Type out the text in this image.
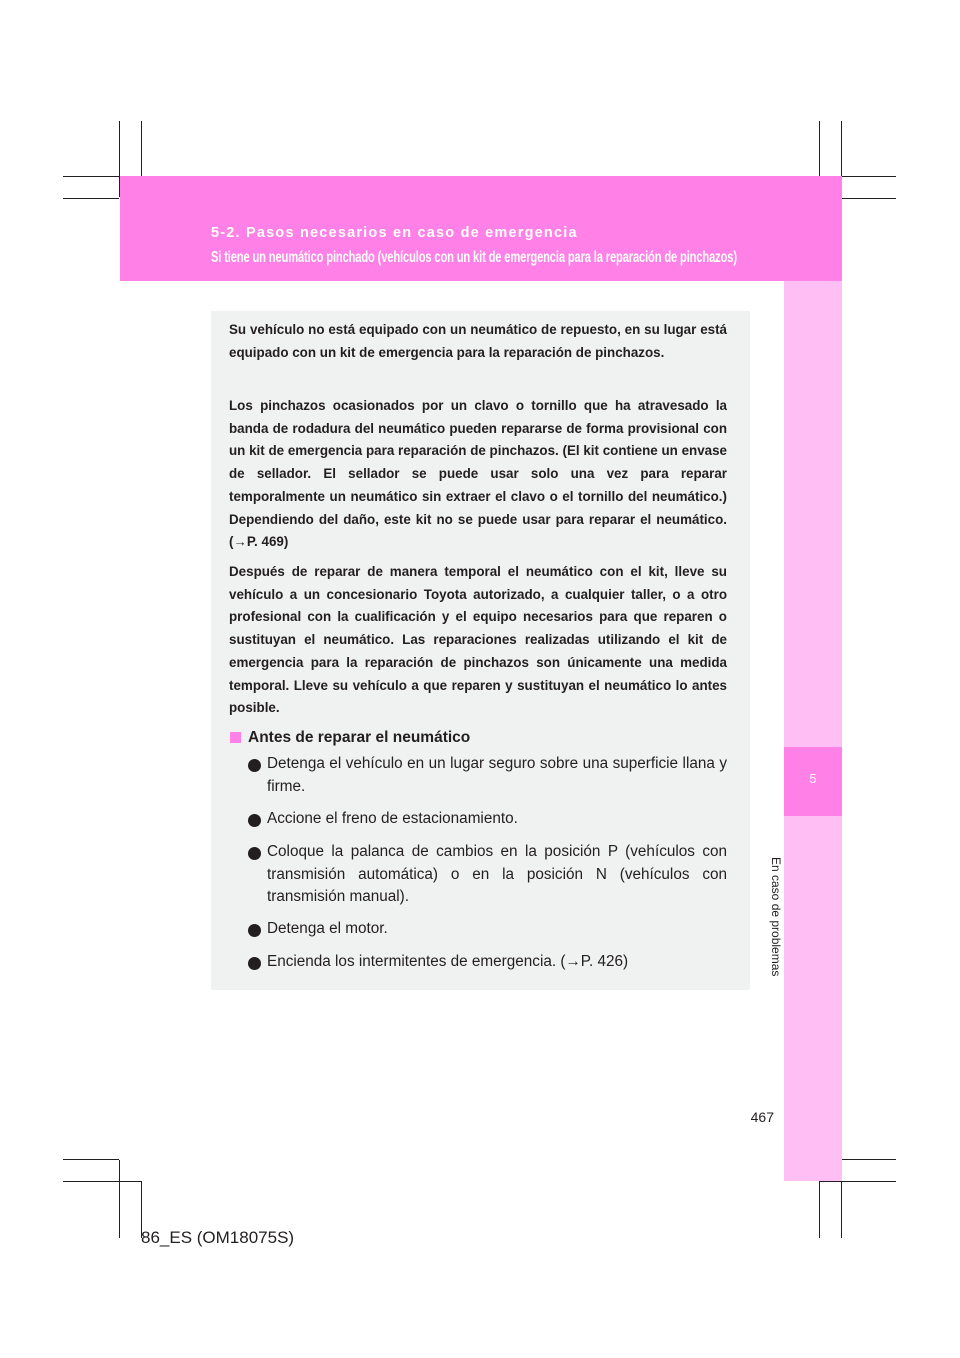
5-2. Pasos necesarios en caso de emergencia
Si tiene un neumático pinchado (vehículos con un kit de emergencia para la reparación de pinchazos)
5
En caso de problemas
Su vehículo no está equipado con un neumático de repuesto, en su lugar está equipado con un kit de emergencia para la reparación de pinchazos.
Los pinchazos ocasionados por un clavo o tornillo que ha atravesado la banda de rodadura del neumático pueden repararse de forma provisional con un kit de emergencia para reparación de pinchazos. (El kit contiene un envase de sellador. El sellador se puede usar solo una vez para reparar temporalmente un neumático sin extraer el clavo o el tornillo del neumático.) Dependiendo del daño, este kit no se puede usar para reparar el neumático. (→P. 469)
Después de reparar de manera temporal el neumático con el kit, lleve su vehículo a un concesionario Toyota autorizado, a cualquier taller, o a otro profesional con la cualificación y el equipo necesarios para que reparen o sustituyan el neumático. Las reparaciones realizadas utilizando el kit de emergencia para la reparación de pinchazos son únicamente una medida temporal. Lleve su vehículo a que reparen y sustituyan el neumático lo antes posible.
Antes de reparar el neumático
Detenga el vehículo en un lugar seguro sobre una superficie llana y firme.
Accione el freno de estacionamiento.
Coloque la palanca de cambios en la posición P (vehículos con transmisión automática) o en la posición N (vehículos con transmisión manual).
Detenga el motor.
Encienda los intermitentes de emergencia. (→P. 426)
467
86_ES (OM18075S)
